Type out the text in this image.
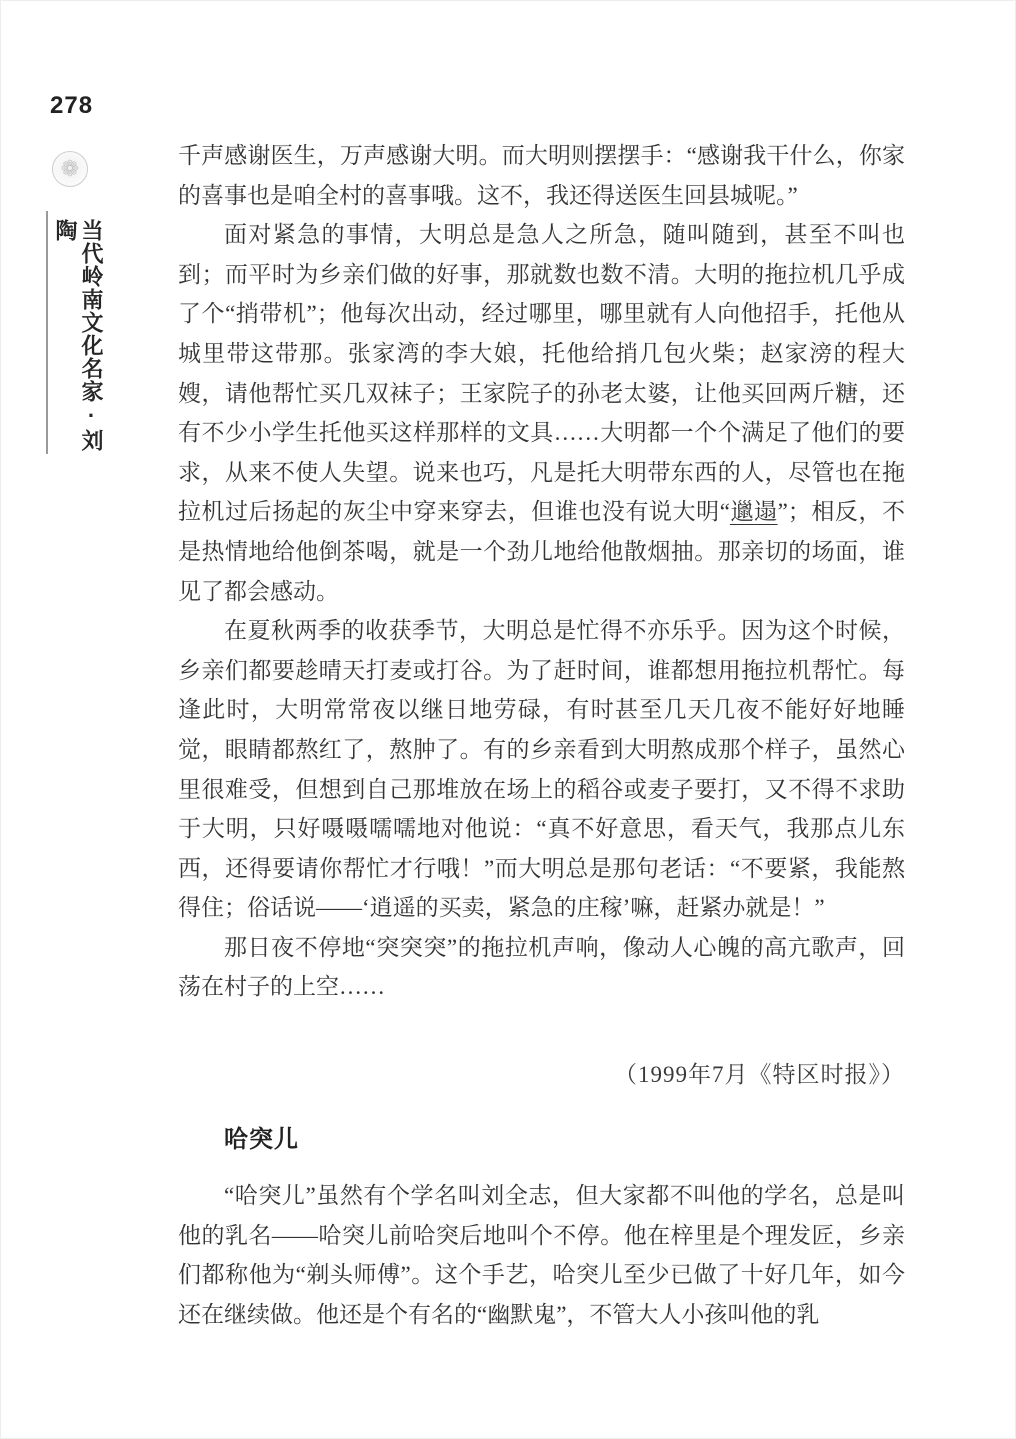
278
❁
当代岭南文化名家·刘陶

千声感谢医生，万声感谢大明。而大明则摆摆手：“感谢我干什么，你家的喜事也是咱全村的喜事哦。这不，我还得送医生回县城呢。”

面对紧急的事情，大明总是急人之所急，随叫随到，甚至不叫也到；而平时为乡亲们做的好事，那就数也数不清。大明的拖拉机几乎成了个“捎带机”；他每次出动，经过哪里，哪里就有人向他招手，托他从城里带这带那。张家湾的李大娘，托他给捎几包火柴；赵家滂的程大嫂，请他帮忙买几双袜子；王家院子的孙老太婆，让他买回两斤糖，还有不少小学生托他买这样那样的文具……大明都一个个满足了他们的要求，从来不使人失望。说来也巧，凡是托大明带东西的人，尽管也在拖拉机过后扬起的灰尘中穿来穿去，但谁也没有说大明“邋遢”；相反，不是热情地给他倒茶喝，就是一个劲儿地给他散烟抽。那亲切的场面，谁见了都会感动。

在夏秋两季的收获季节，大明总是忙得不亦乐乎。因为这个时候，乡亲们都要趁晴天打麦或打谷。为了赶时间，谁都想用拖拉机帮忙。每逢此时，大明常常夜以继日地劳碌，有时甚至几天几夜不能好好地睡觉，眼睛都熬红了，熬肿了。有的乡亲看到大明熬成那个样子，虽然心里很难受，但想到自己那堆放在场上的稻谷或麦子要打，又不得不求助于大明，只好嗫嗫嚅嚅地对他说：“真不好意思，看天气，我那点儿东西，还得要请你帮忙才行哦！”而大明总是那句老话：“不要紧，我能熬得住；俗话说——‘逍遥的买卖，紧急的庄稼’嘛，赶紧办就是！”

那日夜不停地“突突突”的拖拉机声响，像动人心魄的高亢歌声，回荡在村子的上空……

（1999年7月《特区时报》）
哈突儿

“哈突儿”虽然有个学名叫刘全志，但大家都不叫他的学名，总是叫他的乳名——哈突儿前哈突后地叫个不停。他在梓里是个理发匠，乡亲们都称他为“剃头师傅”。这个手艺，哈突儿至少已做了十好几年，如今还在继续做。他还是个有名的“幽默鬼”，不管大人小孩叫他的乳
